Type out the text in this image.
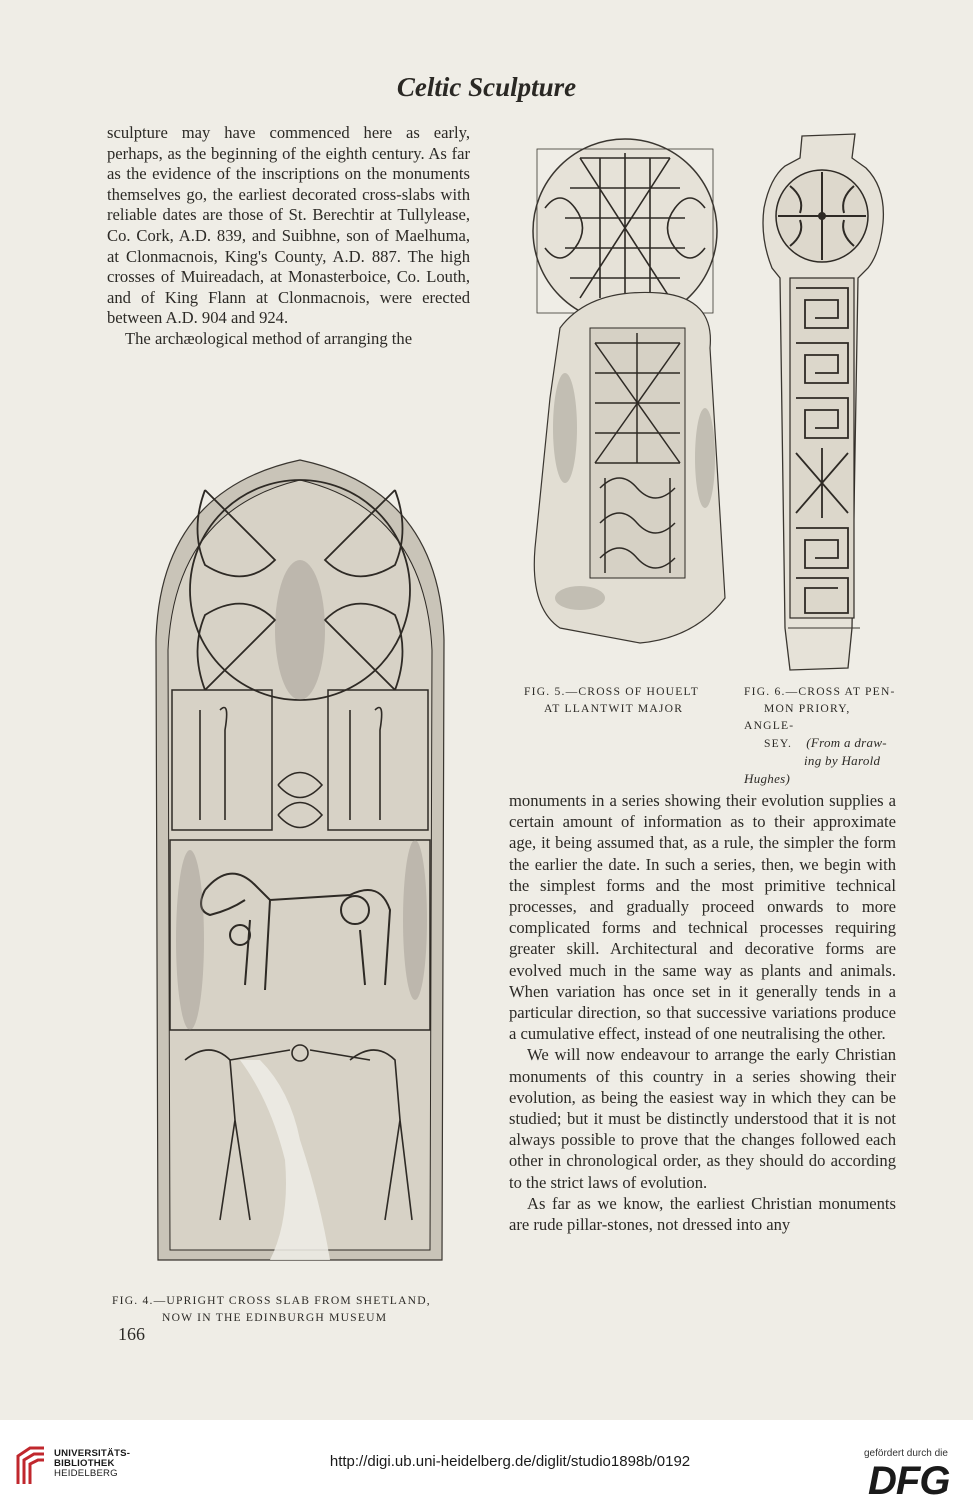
Celtic Sculpture

sculpture may have commenced here as early, perhaps, as the beginning of the eighth century. As far as the evidence of the inscriptions on the monuments themselves go, the earliest decorated cross-slabs with reliable dates are those of St. Berechtir at Tullylease, Co. Cork, A.D. 839, and Suibhne, son of Maelhuma, at Clonmacnois, King's County, A.D. 887. The high crosses of Muireadach, at Monasterboice, Co. Louth, and of King Flann at Clonmacnois, were erected between A.D. 904 and 924.

The archæological method of arranging the

monuments in a series showing their evolution supplies a certain amount of information as to their approximate age, it being assumed that, as a rule, the simpler the form the earlier the date. In such a series, then, we begin with the simplest forms and the most primitive technical processes, and gradually proceed onwards to more complicated forms and technical processes requiring greater skill. Architectural and decorative forms are evolved much in the same way as plants and animals. When variation has once set in it generally tends in a particular direction, so that successive variations produce a cumulative effect, instead of one neutralising the other.

We will now endeavour to arrange the early Christian monuments of this country in a series showing their evolution, as being the easiest way in which they can be studied; but it must be distinctly understood that it is not always possible to prove that the changes followed each other in chronological order, as they should do according to the strict laws of evolution.

As far as we know, the earliest Christian monuments are rude pillar-stones, not dressed into any

FIG. 5.—CROSS OF HOUELT
AT LLANTWIT MAJOR

FIG. 6.—CROSS AT PEN-
MON PRIORY, ANGLE-
SEY. (From a draw-
ing by Harold Hughes)

FIG. 4.—UPRIGHT CROSS SLAB FROM SHETLAND,
NOW IN THE EDINBURGH MUSEUM

166

UNIVERSITÄTS-
BIBLIOTHEK
HEIDELBERG
http://digi.ub.uni-heidelberg.de/diglit/studio1898b/0192	gefördert durch die
DFG
